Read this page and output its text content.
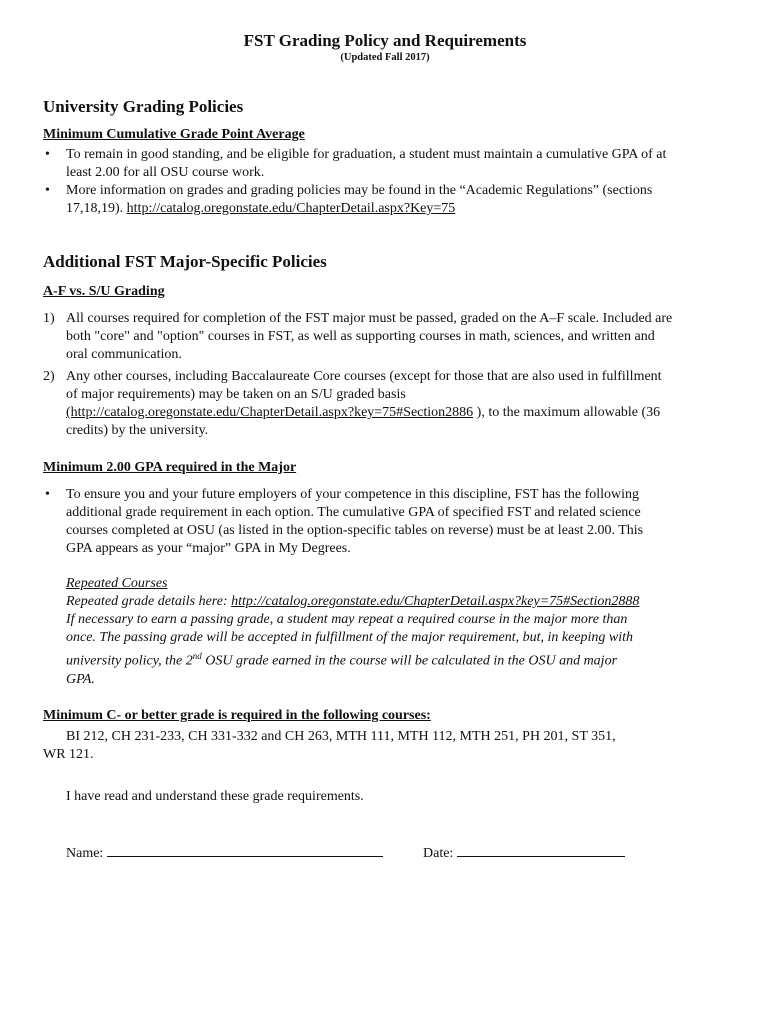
FST Grading Policy and Requirements
(Updated Fall 2017)
University Grading Policies
Minimum Cumulative Grade Point Average
• To remain in good standing, and be eligible for graduation, a student must maintain a cumulative GPA of at
least 2.00 for all OSU course work.
• More information on grades and grading policies may be found in the “Academic Regulations” (sections
17,18,19). http://catalog.oregonstate.edu/ChapterDetail.aspx?Key=75
Additional FST Major-Specific Policies
A-F vs. S/U Grading
1) All courses required for completion of the FST major must be passed, graded on the A–F scale. Included are
both "core" and "option" courses in FST, as well as supporting courses in math, sciences, and written and
oral communication.
2) Any other courses, including Baccalaureate Core courses (except for those that are also used in fulfillment
of major requirements) may be taken on an S/U graded basis
(http://catalog.oregonstate.edu/ChapterDetail.aspx?key=75#Section2886 ), to the maximum allowable (36
credits) by the university.
Minimum 2.00 GPA required in the Major
• To ensure you and your future employers of your competence in this discipline, FST has the following
additional grade requirement in each option. The cumulative GPA of specified FST and related science
courses completed at OSU (as listed in the option-specific tables on reverse) must be at least 2.00. This
GPA appears as your “major” GPA in My Degrees.
Repeated Courses
Repeated grade details here: http://catalog.oregonstate.edu/ChapterDetail.aspx?key=75#Section2888
If necessary to earn a passing grade, a student may repeat a required course in the major more than
once. The passing grade will be accepted in fulfillment of the major requirement, but, in keeping with
university policy, the 2nd OSU grade earned in the course will be calculated in the OSU and major
GPA.
Minimum C- or better grade is required in the following courses:
BI 212, CH 231-233, CH 331-332 and CH 263, MTH 111, MTH 112, MTH 251, PH 201, ST 351,
WR 121.
I have read and understand these grade requirements.
Name:	Date:
